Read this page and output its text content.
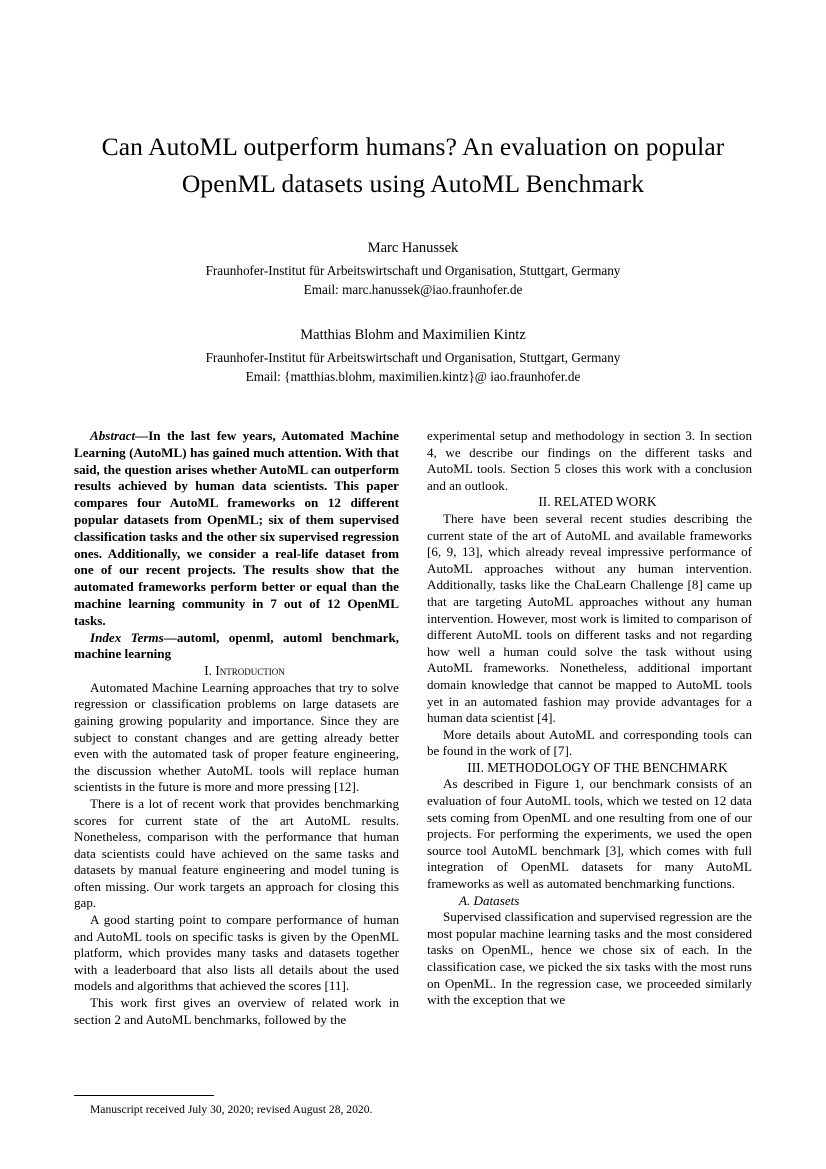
Can AutoML outperform humans? An evaluation on popular OpenML datasets using AutoML Benchmark
Marc Hanussek
Fraunhofer-Institut für Arbeitswirtschaft und Organisation, Stuttgart, Germany
Email: marc.hanussek@iao.fraunhofer.de
Matthias Blohm and Maximilien Kintz
Fraunhofer-Institut für Arbeitswirtschaft und Organisation, Stuttgart, Germany
Email: {matthias.blohm, maximilien.kintz}@ iao.fraunhofer.de

Abstract—In the last few years, Automated Machine Learning (AutoML) has gained much attention. With that said, the question arises whether AutoML can outperform results achieved by human data scientists. This paper compares four AutoML frameworks on 12 different popular datasets from OpenML; six of them supervised classification tasks and the other six supervised regression ones. Additionally, we consider a real-life dataset from one of our recent projects. The results show that the automated frameworks perform better or equal than the machine learning community in 7 out of 12 OpenML tasks.

Index Terms—automl, openml, automl benchmark, machine learning

I. Introduction

Automated Machine Learning approaches that try to solve regression or classification problems on large datasets are gaining growing popularity and importance. Since they are subject to constant changes and are getting already better even with the automated task of proper feature engineering, the discussion whether AutoML tools will replace human scientists in the future is more and more pressing [12].

There is a lot of recent work that provides benchmarking scores for current state of the art AutoML results. Nonetheless, comparison with the performance that human data scientists could have achieved on the same tasks and datasets by manual feature engineering and model tuning is often missing. Our work targets an approach for closing this gap.

A good starting point to compare performance of human and AutoML tools on specific tasks is given by the OpenML platform, which provides many tasks and datasets together with a leaderboard that also lists all details about the used models and algorithms that achieved the scores [11].

This work first gives an overview of related work in section 2 and AutoML benchmarks, followed by the

experimental setup and methodology in section 3. In section 4, we describe our findings on the different tasks and AutoML tools. Section 5 closes this work with a conclusion and an outlook.

II. RELATED WORK

There have been several recent studies describing the current state of the art of AutoML and available frameworks [6, 9, 13], which already reveal impressive performance of AutoML approaches without any human intervention. Additionally, tasks like the ChaLearn Challenge [8] came up that are targeting AutoML approaches without any human intervention. However, most work is limited to comparison of different AutoML tools on different tasks and not regarding how well a human could solve the task without using AutoML frameworks. Nonetheless, additional important domain knowledge that cannot be mapped to AutoML tools yet in an automated fashion may provide advantages for a human data scientist [4].

More details about AutoML and corresponding tools can be found in the work of [7].

III. METHODOLOGY OF THE BENCHMARK

As described in Figure 1, our benchmark consists of an evaluation of four AutoML tools, which we tested on 12 data sets coming from OpenML and one resulting from one of our projects. For performing the experiments, we used the open source tool AutoML benchmark [3], which comes with full integration of OpenML datasets for many AutoML frameworks as well as automated benchmarking functions.

A. Datasets

Supervised classification and supervised regression are the most popular machine learning tasks and the most considered tasks on OpenML, hence we chose six of each. In the classification case, we picked the six tasks with the most runs on OpenML. In the regression case, we proceeded similarly with the exception that we

Manuscript received July 30, 2020; revised August 28, 2020.
